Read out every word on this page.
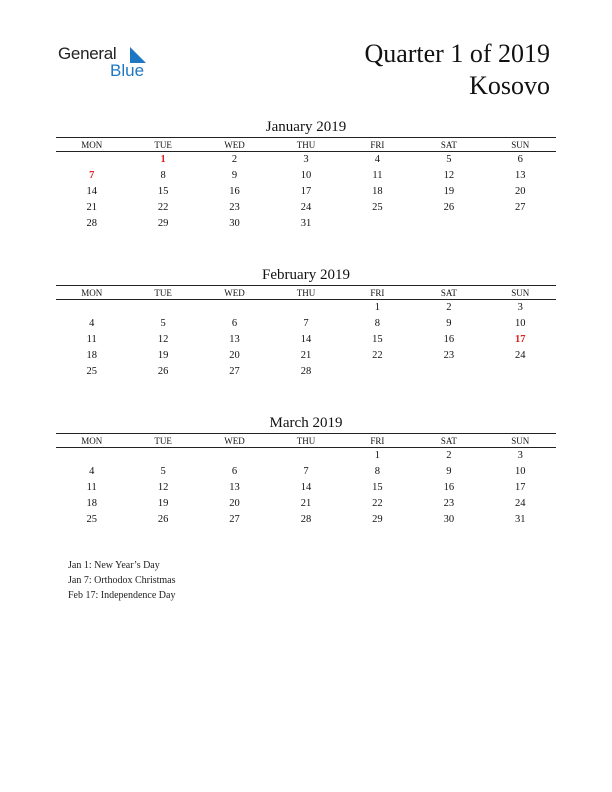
General
Blue
Quarter 1 of 2019
Kosovo
January 2019
MON	TUE	WED	THU	FRI	SAT	SUN
	1	2	3	4	5	6
7	8	9	10	11	12	13
14	15	16	17	18	19	20
21	22	23	24	25	26	27
28	29	30	31			
February 2019
MON	TUE	WED	THU	FRI	SAT	SUN
				1	2	3
4	5	6	7	8	9	10
11	12	13	14	15	16	17
18	19	20	21	22	23	24
25	26	27	28			
March 2019
MON	TUE	WED	THU	FRI	SAT	SUN
				1	2	3
4	5	6	7	8	9	10
11	12	13	14	15	16	17
18	19	20	21	22	23	24
25	26	27	28	29	30	31
Jan 1: New Year’s Day
Jan 7: Orthodox Christmas
Feb 17: Independence Day
